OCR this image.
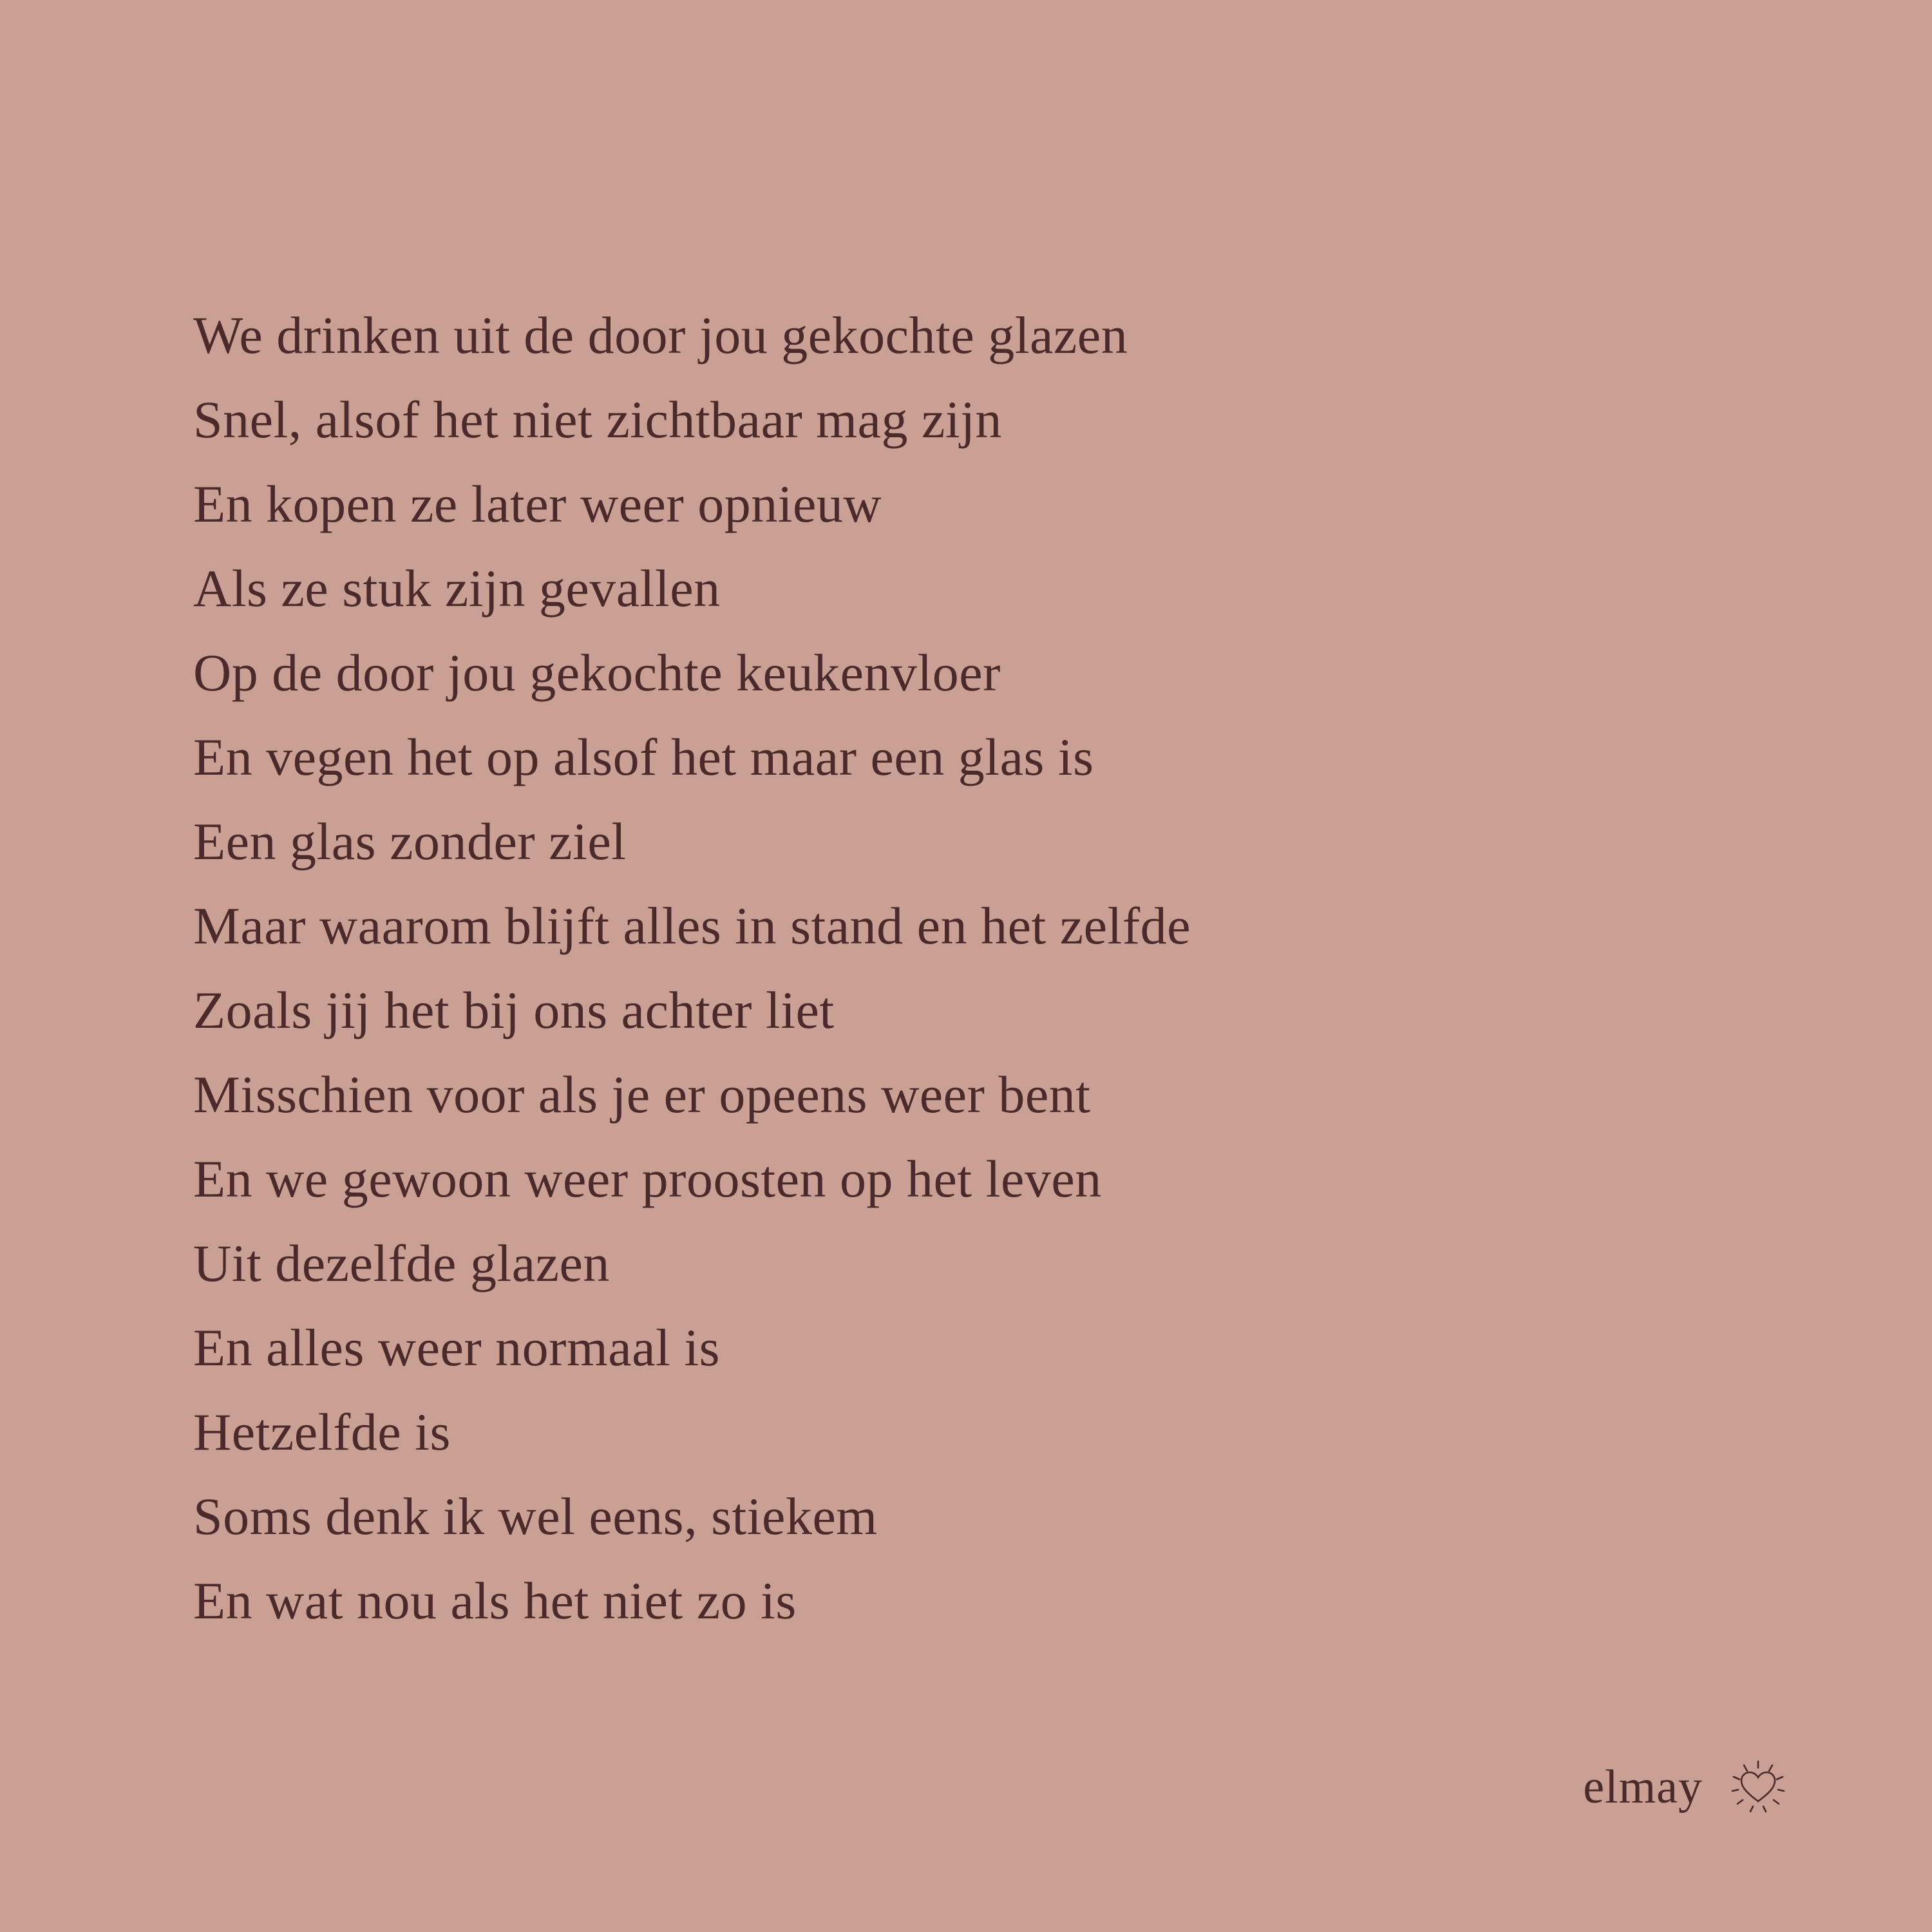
We drinken uit de door jou gekochte glazen
Snel, alsof het niet zichtbaar mag zijn
En kopen ze later weer opnieuw
Als ze stuk zijn gevallen
Op de door jou gekochte keukenvloer
En vegen het op alsof het maar een glas is
Een glas zonder ziel
Maar waarom blijft alles in stand en het zelfde
Zoals jij het bij ons achter liet
Misschien voor als je er opeens weer bent
En we gewoon weer proosten op het leven
Uit dezelfde glazen
En alles weer normaal is
Hetzelfde is
Soms denk ik wel eens, stiekem
En wat nou als het niet zo is
elmay
